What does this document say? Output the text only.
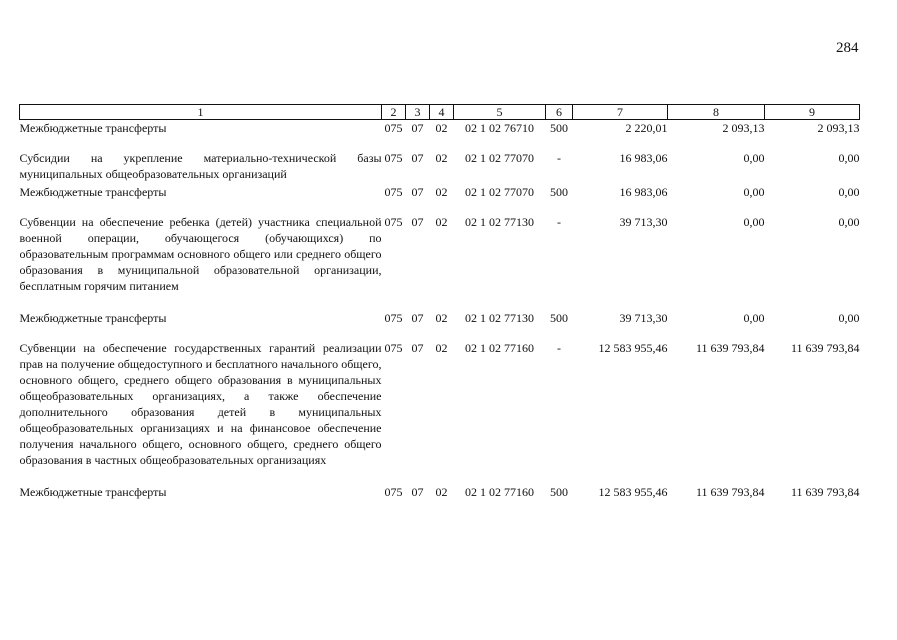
284
1	2	3	4	5	6	7	8	9
Межбюджетные трансферты	075	07	02	02 1 02 76710	500	2 220,01	2 093,13	2 093,13

Субсидии на укрепление материально-технической базы муниципальных общеобразовательных организаций	075	07	02	02 1 02 77070	-	16 983,06	0,00	0,00

Межбюджетные трансферты	075	07	02	02 1 02 77070	500	16 983,06	0,00	0,00

Субвенции на обеспечение ребенка (детей) участника специальной военной операции, обучающегося (обучающихся) по образовательным программам основного общего или среднего общего образования в муниципальной образовательной организации, бесплатным горячим питанием	075	07	02	02 1 02 77130	-	39 713,30	0,00	0,00

Межбюджетные трансферты	075	07	02	02 1 02 77130	500	39 713,30	0,00	0,00

Субвенции на обеспечение государственных гарантий реализации прав на получение общедоступного и бесплатного начального общего, основного общего, среднего общего образования в муниципальных общеобразовательных организациях, а также обеспечение дополнительного образования детей в муниципальных общеобразовательных организациях и на финансовое обеспечение получения начального общего, основного общего, среднего общего образования в частных общеобразовательных организациях	075	07	02	02 1 02 77160	-	12 583 955,46	11 639 793,84	11 639 793,84

Межбюджетные трансферты	075	07	02	02 1 02 77160	500	12 583 955,46	11 639 793,84	11 639 793,84
